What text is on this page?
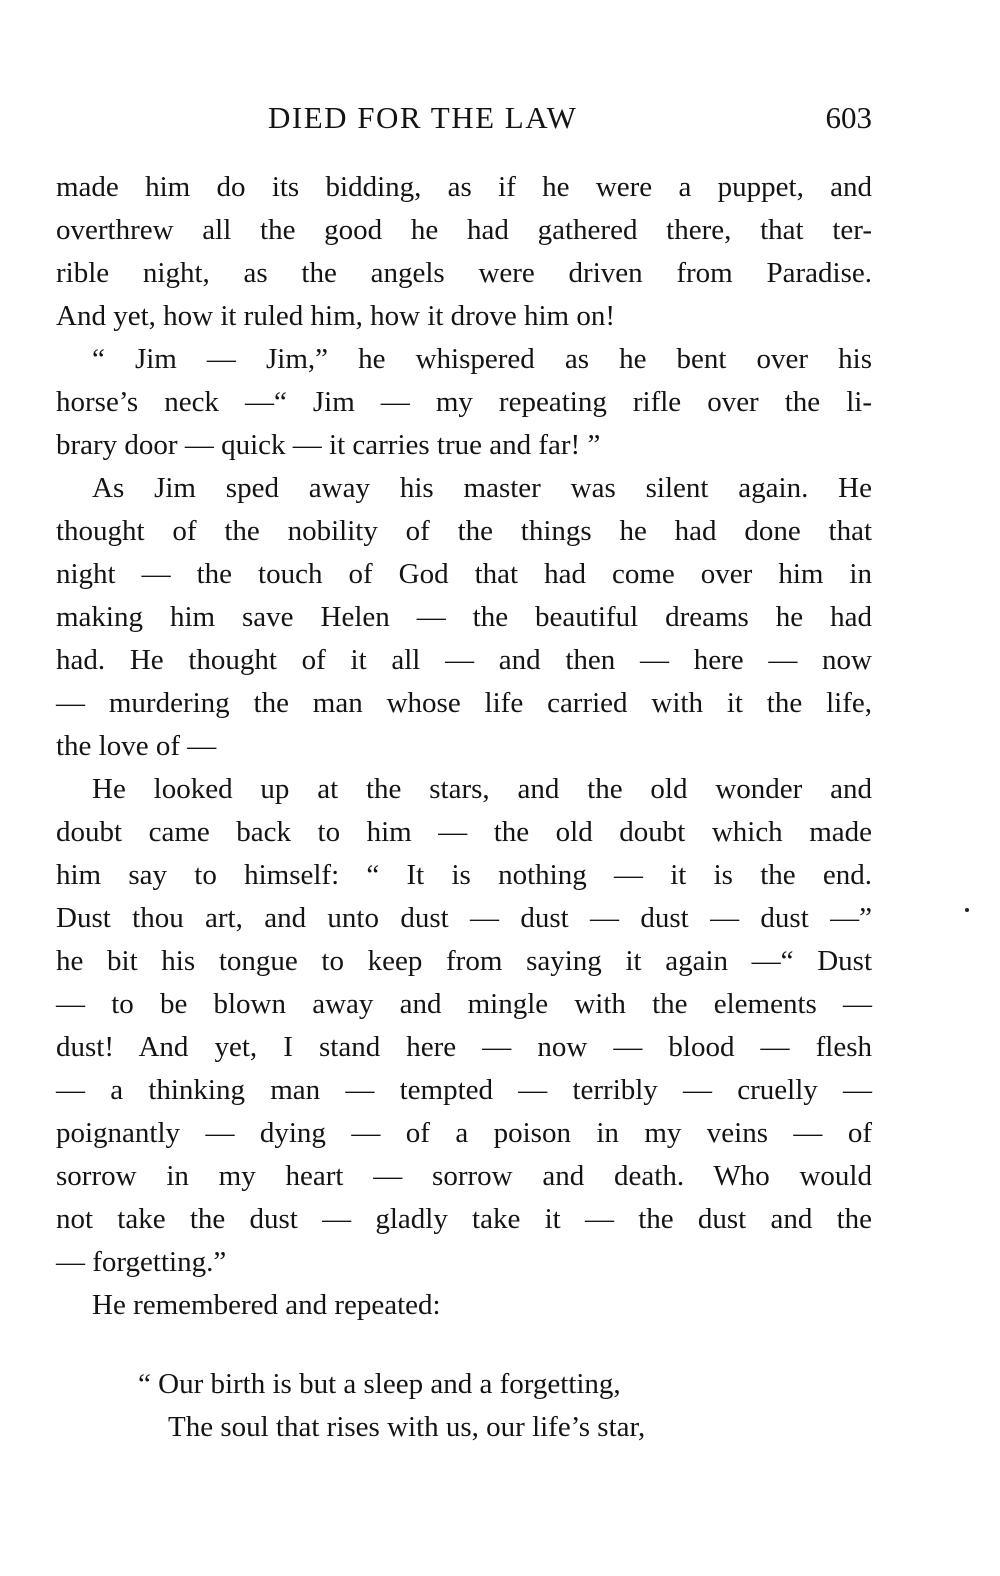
DIED FOR THE LAW	603
made him do its bidding, as if he were a puppet, and
overthrew all the good he had gathered there, that ter-
rible night, as the angels were driven from Paradise.
And yet, how it ruled him, how it drove him on!
“ Jim — Jim,” he whispered as he bent over his
horse’s neck —“ Jim — my repeating rifle over the li-
brary door — quick — it carries true and far! ”
As Jim sped away his master was silent again. He
thought of the nobility of the things he had done that
night — the touch of God that had come over him in
making him save Helen — the beautiful dreams he had
had. He thought of it all — and then — here — now
— murdering the man whose life carried with it the life,
the love of —
He looked up at the stars, and the old wonder and
doubt came back to him — the old doubt which made
him say to himself: “ It is nothing — it is the end.
Dust thou art, and unto dust — dust — dust — dust —”
he bit his tongue to keep from saying it again —“ Dust
— to be blown away and mingle with the elements —
dust! And yet, I stand here — now — blood — flesh
— a thinking man — tempted — terribly — cruelly —
poignantly — dying — of a poison in my veins — of
sorrow in my heart — sorrow and death. Who would
not take the dust — gladly take it — the dust and the
— forgetting.”
He remembered and repeated:
“ Our birth is but a sleep and a forgetting,
The soul that rises with us, our life’s star,
